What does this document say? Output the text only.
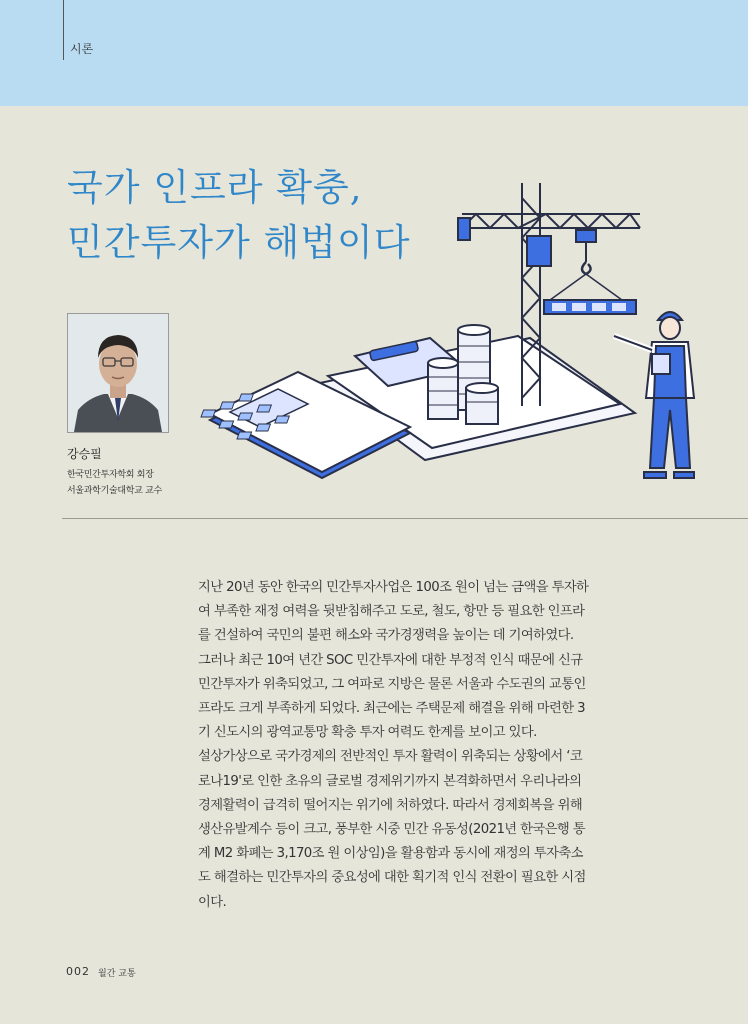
시론
국가 인프라 확충,
민간투자가 해법이다
강승필
한국민간투자학회 회장
서울과학기술대학교 교수
지난 20년 동안 한국의 민간투자사업은 100조 원이 넘는 금액을 투자하
여 부족한 재정 여력을 뒷받침해주고 도로, 철도, 항만 등 필요한 인프라
를 건설하여 국민의 불편 해소와 국가경쟁력을 높이는 데 기여하였다.
그러나 최근 10여 년간 SOC 민간투자에 대한 부정적 인식 때문에 신규
민간투자가 위축되었고, 그 여파로 지방은 물론 서울과 수도권의 교통인
프라도 크게 부족하게 되었다. 최근에는 주택문제 해결을 위해 마련한 3
기 신도시의 광역교통망 확충 투자 여력도 한계를 보이고 있다.
설상가상으로 국가경제의 전반적인 투자 활력이 위축되는 상황에서 ‘코
로나19'로 인한 초유의 글로벌 경제위기까지 본격화하면서 우리나라의
경제활력이 급격히 떨어지는 위기에 처하였다. 따라서 경제회복을 위해
생산유발계수 등이 크고, 풍부한 시중 민간 유동성(2021년 한국은행 통
계 M2 화폐는 3,170조 원 이상임)을 활용함과 동시에 재정의 투자축소
도 해결하는 민간투자의 중요성에 대한 획기적 인식 전환이 필요한 시점
이다.
002 월간 교통
